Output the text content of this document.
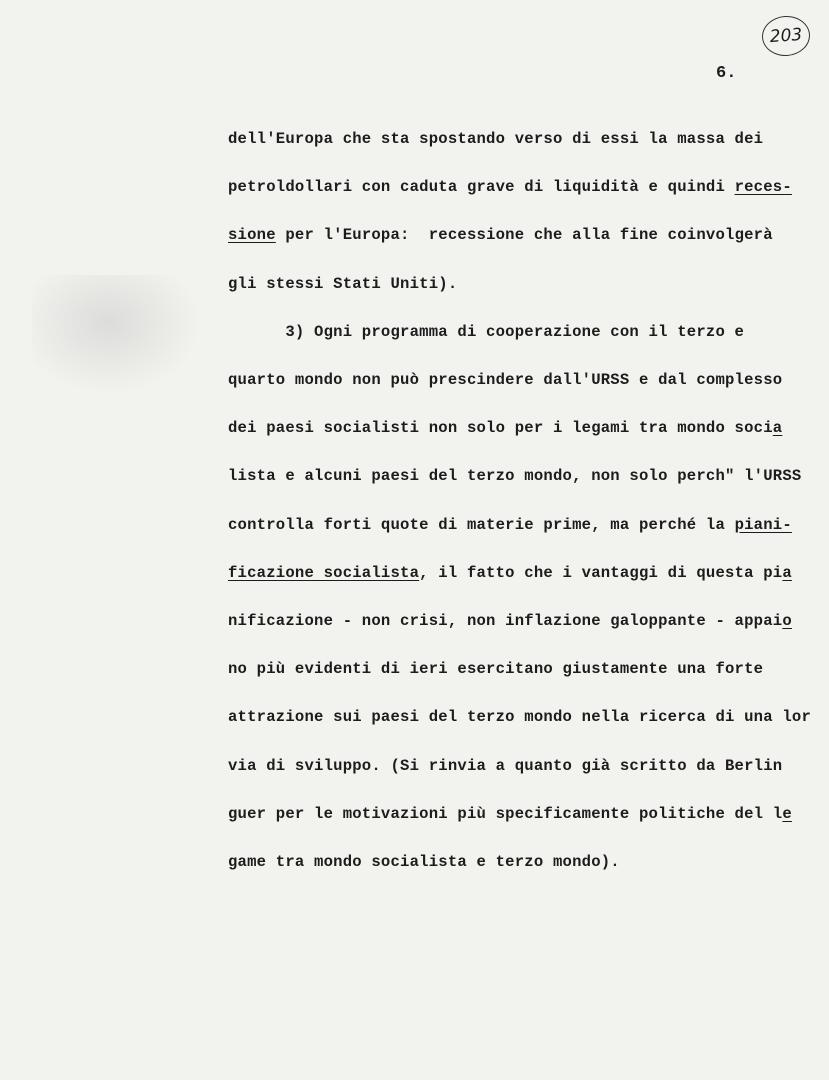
203
6.
dell'Europa che sta spostando verso di essi la massa dei
petroldollari con caduta grave di liquidità e quindi reces-
sione per l'Europa:  recessione che alla fine coinvolgerà
gli stessi Stati Uniti).
3) Ogni programma di cooperazione con il terzo e
quarto mondo non può prescindere dall'URSS e dal complesso
dei paesi socialisti non solo per i legami tra mondo socia
lista e alcuni paesi del terzo mondo, non solo perch" l'URSS
controlla forti quote di materie prime, ma perché la piani-
ficazione socialista, il fatto che i vantaggi di questa pia
nificazione - non crisi, non inflazione galoppante - appaio
no più evidenti di ieri esercitano giustamente una forte
attrazione sui paesi del terzo mondo nella ricerca di una lor
via di sviluppo. (Si rinvia a quanto già scritto da Berlin
guer per le motivazioni più specificamente politiche del le
game tra mondo socialista e terzo mondo).
